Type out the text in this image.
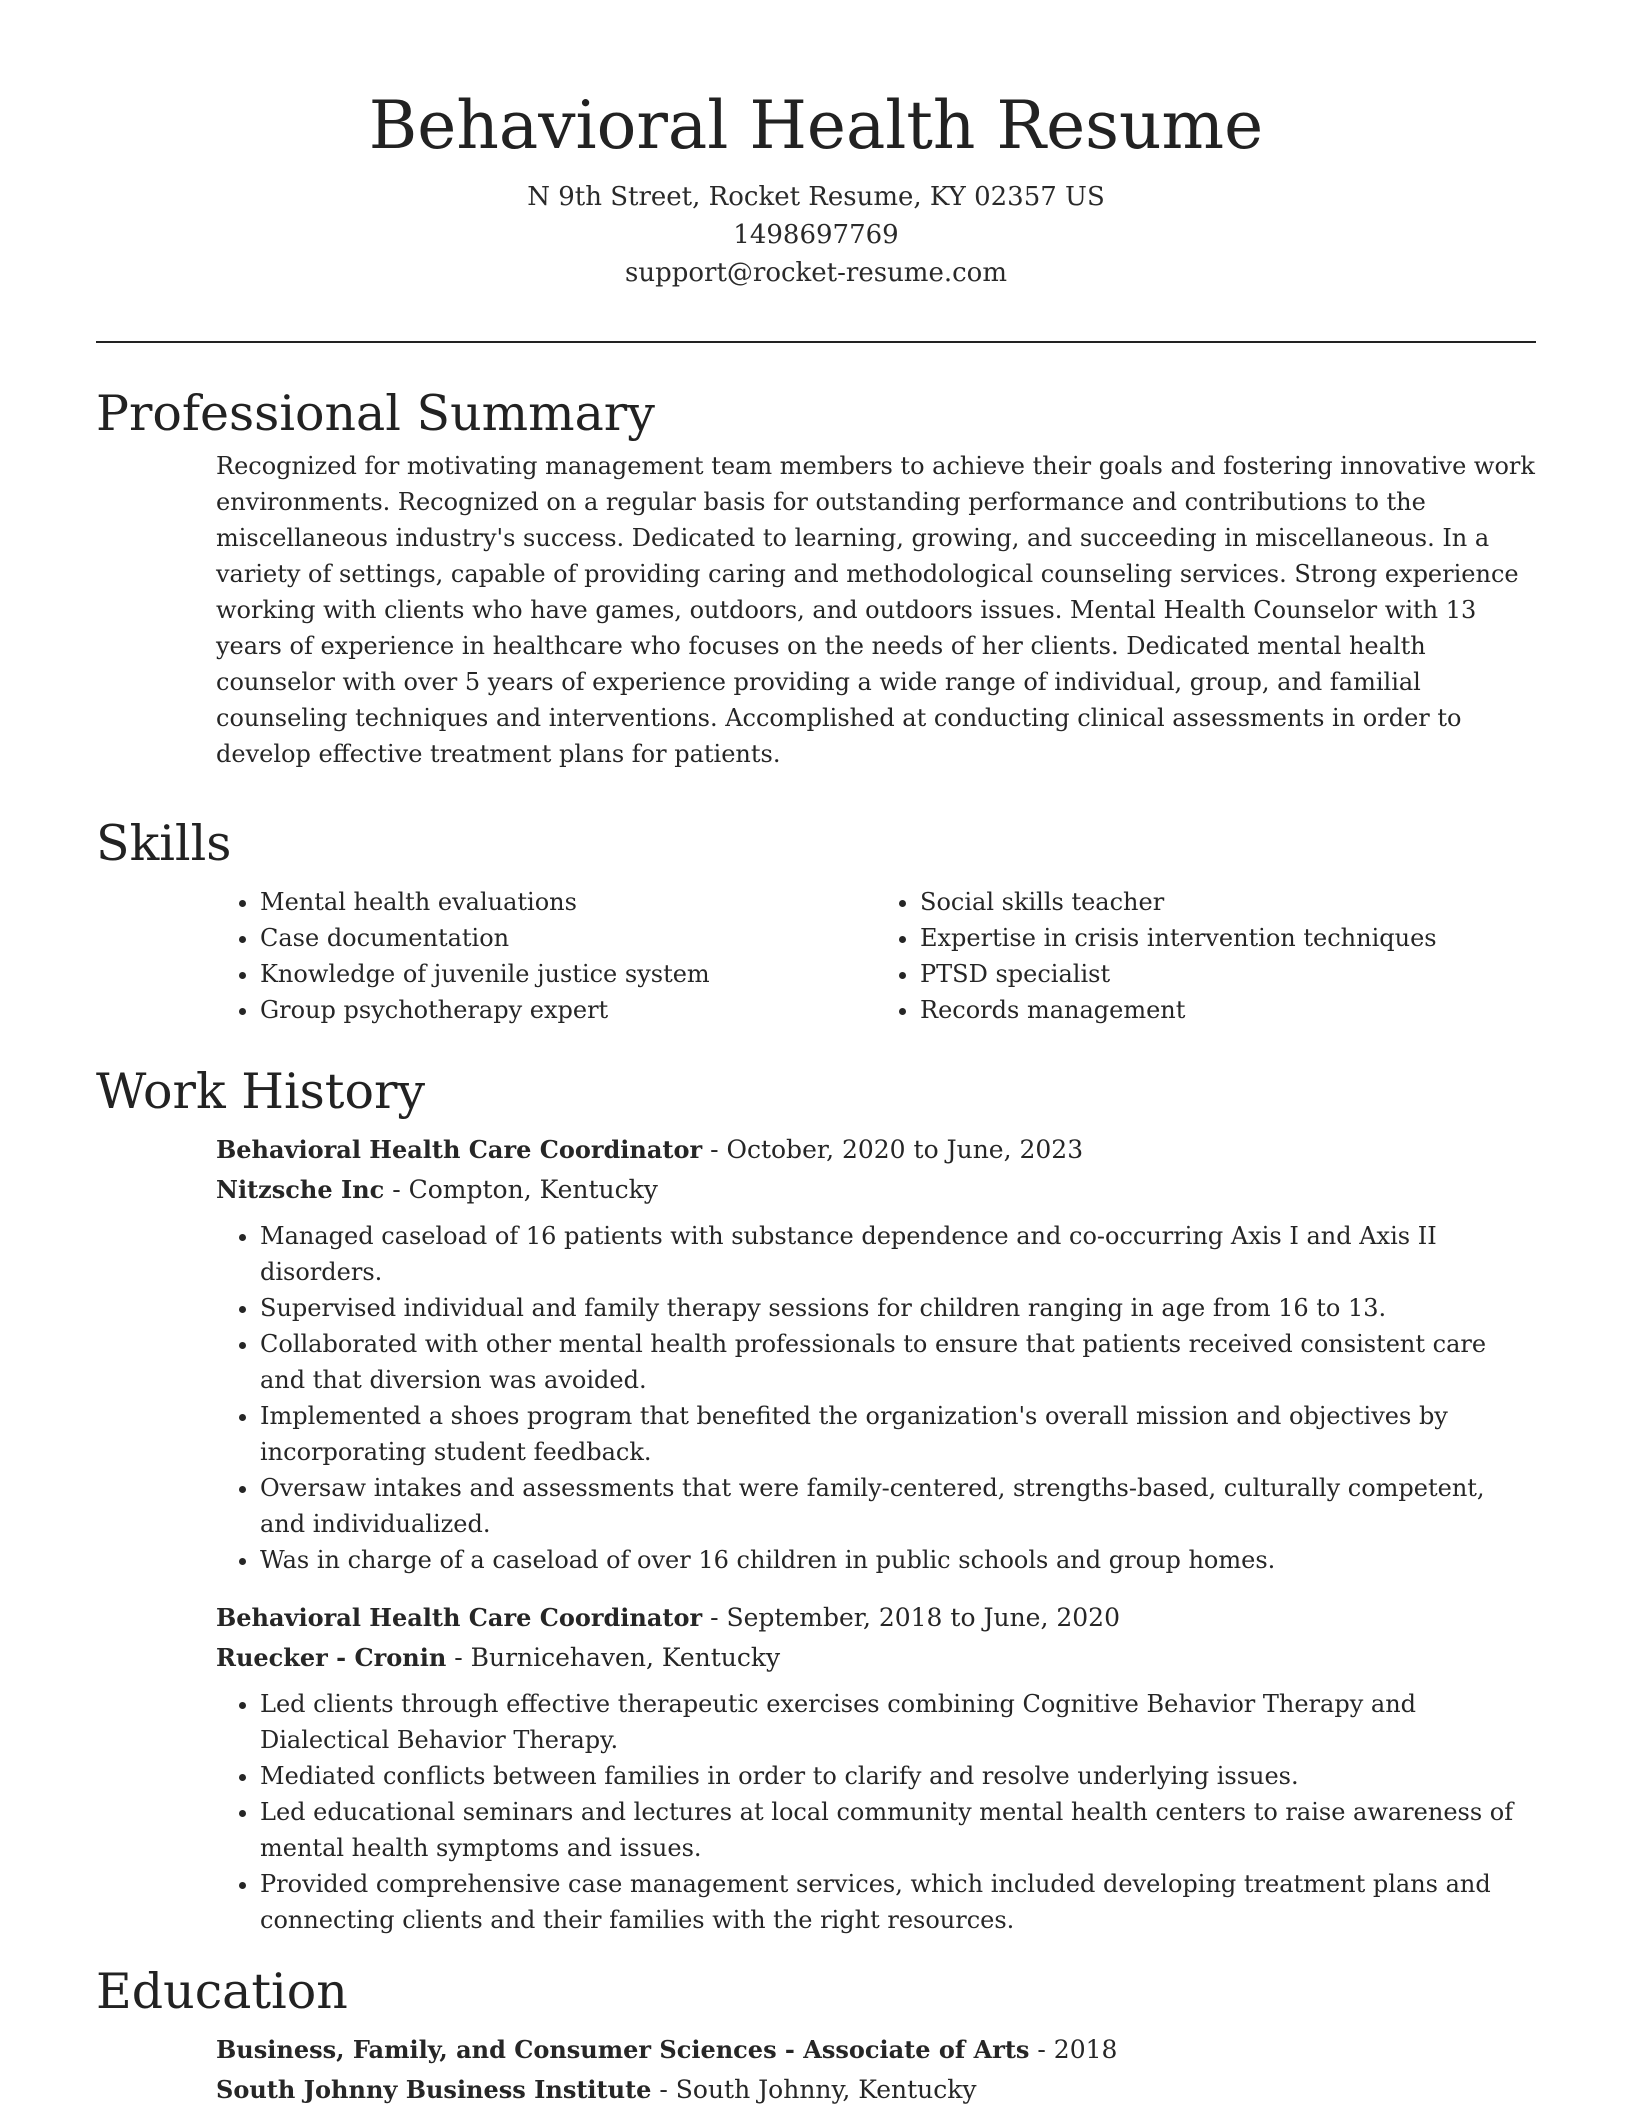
Behavioral Health Resume
N 9th Street, Rocket Resume, KY 02357 US
1498697769
support@rocket-resume.com
Professional Summary

Recognized for motivating management team members to achieve their goals and fostering innovative work environments. Recognized on a regular basis for outstanding performance and contributions to the miscellaneous industry's success. Dedicated to learning, growing, and succeeding in miscellaneous. In a variety of settings, capable of providing caring and methodological counseling services. Strong experience working with clients who have games, outdoors, and outdoors issues. Mental Health Counselor with 13 years of experience in healthcare who focuses on the needs of her clients. Dedicated mental health counselor with over 5 years of experience providing a wide range of individual, group, and familial counseling techniques and interventions. Accomplished at conducting clinical assessments in order to develop effective treatment plans for patients.

Skills
• Mental health evaluations
• Case documentation
• Knowledge of juvenile justice system
• Group psychotherapy expert
• Social skills teacher
• Expertise in crisis intervention techniques
• PTSD specialist
• Records management
Work History
Behavioral Health Care Coordinator - October, 2020 to June, 2023
Nitzsche Inc - Compton, Kentucky
• Managed caseload of 16 patients with substance dependence and co-occurring Axis I and Axis II disorders.
• Supervised individual and family therapy sessions for children ranging in age from 16 to 13.
• Collaborated with other mental health professionals to ensure that patients received consistent care and that diversion was avoided.
• Implemented a shoes program that benefited the organization's overall mission and objectives by incorporating student feedback.
• Oversaw intakes and assessments that were family-centered, strengths-based, culturally competent, and individualized.
• Was in charge of a caseload of over 16 children in public schools and group homes.
Behavioral Health Care Coordinator - September, 2018 to June, 2020
Ruecker - Cronin - Burnicehaven, Kentucky
• Led clients through effective therapeutic exercises combining Cognitive Behavior Therapy and Dialectical Behavior Therapy.
• Mediated conflicts between families in order to clarify and resolve underlying issues.
• Led educational seminars and lectures at local community mental health centers to raise awareness of mental health symptoms and issues.
• Provided comprehensive case management services, which included developing treatment plans and connecting clients and their families with the right resources.
Education
Business, Family, and Consumer Sciences - Associate of Arts - 2018
South Johnny Business Institute - South Johnny, Kentucky
